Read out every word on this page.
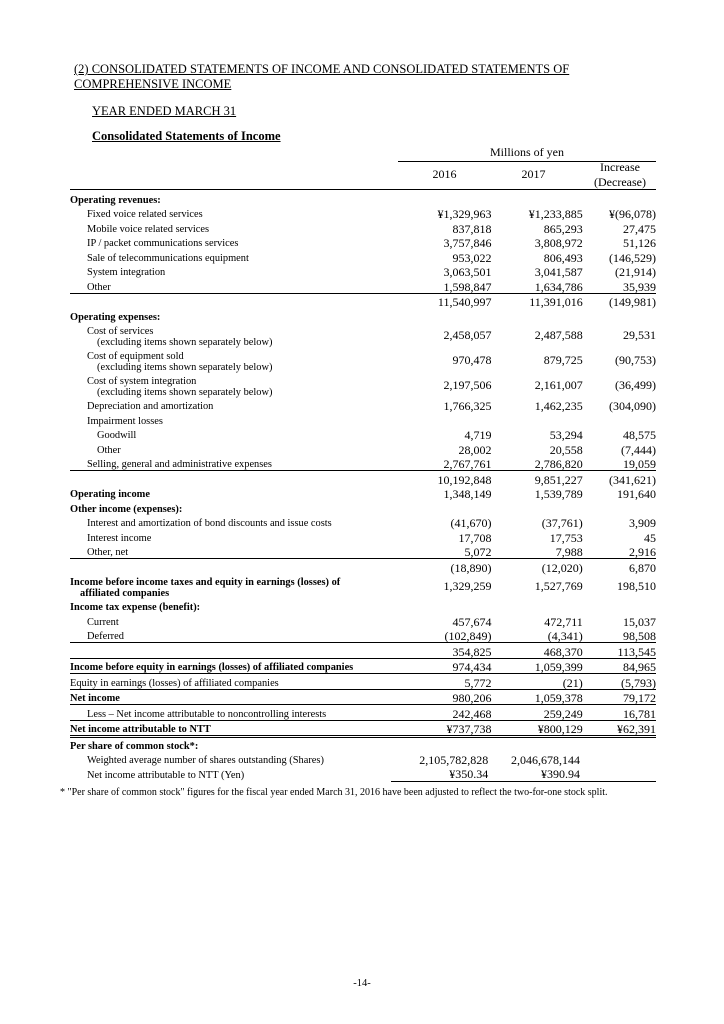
(2) CONSOLIDATED STATEMENTS OF INCOME AND CONSOLIDATED STATEMENTS OF COMPREHENSIVE INCOME
YEAR ENDED MARCH 31
Consolidated Statements of Income
Millions of yen
2016	2017	Increase
(Decrease)
Operating revenues:			
Fixed voice related services	¥1,329,963	¥1,233,885	¥(96,078)
Mobile voice related services	837,818	865,293	27,475
IP / packet communications services	3,757,846	3,808,972	51,126
Sale of telecommunications equipment	953,022	806,493	(146,529)
System integration	3,063,501	3,041,587	(21,914)
Other	1,598,847	1,634,786	35,939
	11,540,997	11,391,016	(149,981)
Operating expenses:			
Cost of services
(excluding items shown separately below)	2,458,057	2,487,588	29,531
Cost of equipment sold
(excluding items shown separately below)	970,478	879,725	(90,753)
Cost of system integration
(excluding items shown separately below)	2,197,506	2,161,007	(36,499)
Depreciation and amortization	1,766,325	1,462,235	(304,090)
Impairment losses			
Goodwill	4,719	53,294	48,575
Other	28,002	20,558	(7,444)
Selling, general and administrative expenses	2,767,761	2,786,820	19,059
	10,192,848	9,851,227	(341,621)
Operating income	1,348,149	1,539,789	191,640
Other income (expenses):			
Interest and amortization of bond discounts and issue costs	(41,670)	(37,761)	3,909
Interest income	17,708	17,753	45
Other, net	5,072	7,988	2,916
	(18,890)	(12,020)	6,870
Income before income taxes and equity in earnings (losses) of
affiliated companies	1,329,259	1,527,769	198,510
Income tax expense (benefit):			
Current	457,674	472,711	15,037
Deferred	(102,849)	(4,341)	98,508
	354,825	468,370	113,545
Income before equity in earnings (losses) of affiliated companies	974,434	1,059,399	84,965
Equity in earnings (losses) of affiliated companies	5,772	(21)	(5,793)
Net income	980,206	1,059,378	79,172
Less – Net income attributable to noncontrolling interests	242,468	259,249	16,781
Net income attributable to NTT	¥737,738	¥800,129	¥62,391
Per share of common stock*:		
Weighted average number of shares outstanding (Shares)	2,105,782,828	2,046,678,144
Net income attributable to NTT (Yen)	¥350.34	¥390.94
* "Per share of common stock" figures for the fiscal year ended March 31, 2016 have been adjusted to reflect the two-for-one stock split.
-14-
